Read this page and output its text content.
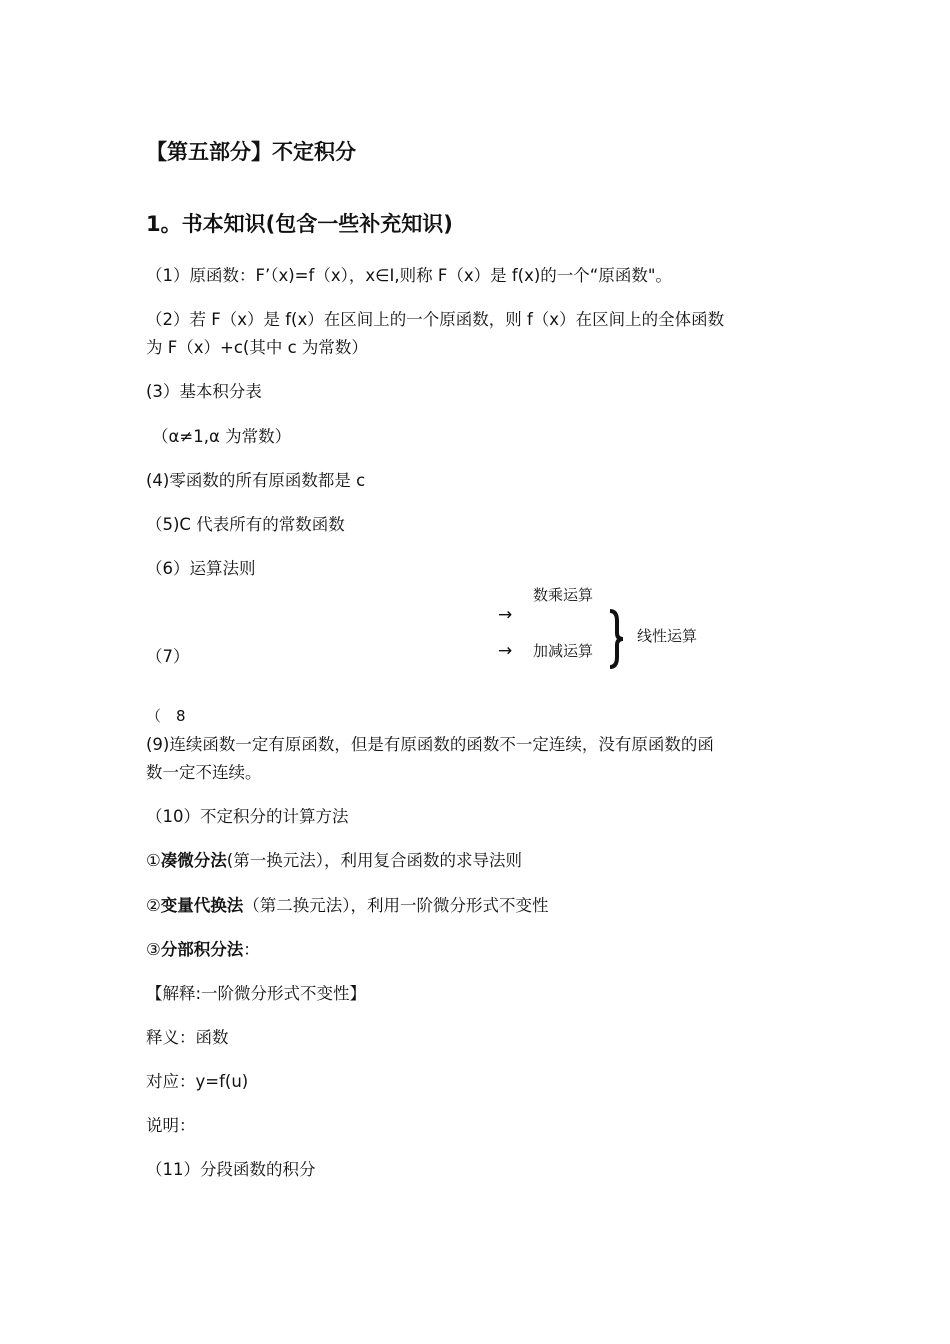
【第五部分】不定积分
1。书本知识(包含一些补充知识)
（1）原函数：F’（x)=f（x），x∈I,则称 F（x）是 f(x)的一个“原函数"。
（2）若 F（x）是 f(x）在区间上的一个原函数，则 f（x）在区间上的全体函数
为 F（x）+c(其中 c 为常数）
(3）基本积分表
（α≠1,α 为常数）
(4)零函数的所有原函数都是 c
（5)C 代表所有的常数函数
（6）运算法则
（7）
数乘运算
→
→ 加减运算
线性运算
（　8
(9)连续函数一定有原函数，但是有原函数的函数不一定连续，没有原函数的函
数一定不连续。
（10）不定积分的计算方法
①凑微分法(第一换元法），利用复合函数的求导法则
②变量代换法（第二换元法），利用一阶微分形式不变性
③分部积分法：
【解释:一阶微分形式不变性】
释义：函数
对应：y=f(u)
说明：
（11）分段函数的积分
